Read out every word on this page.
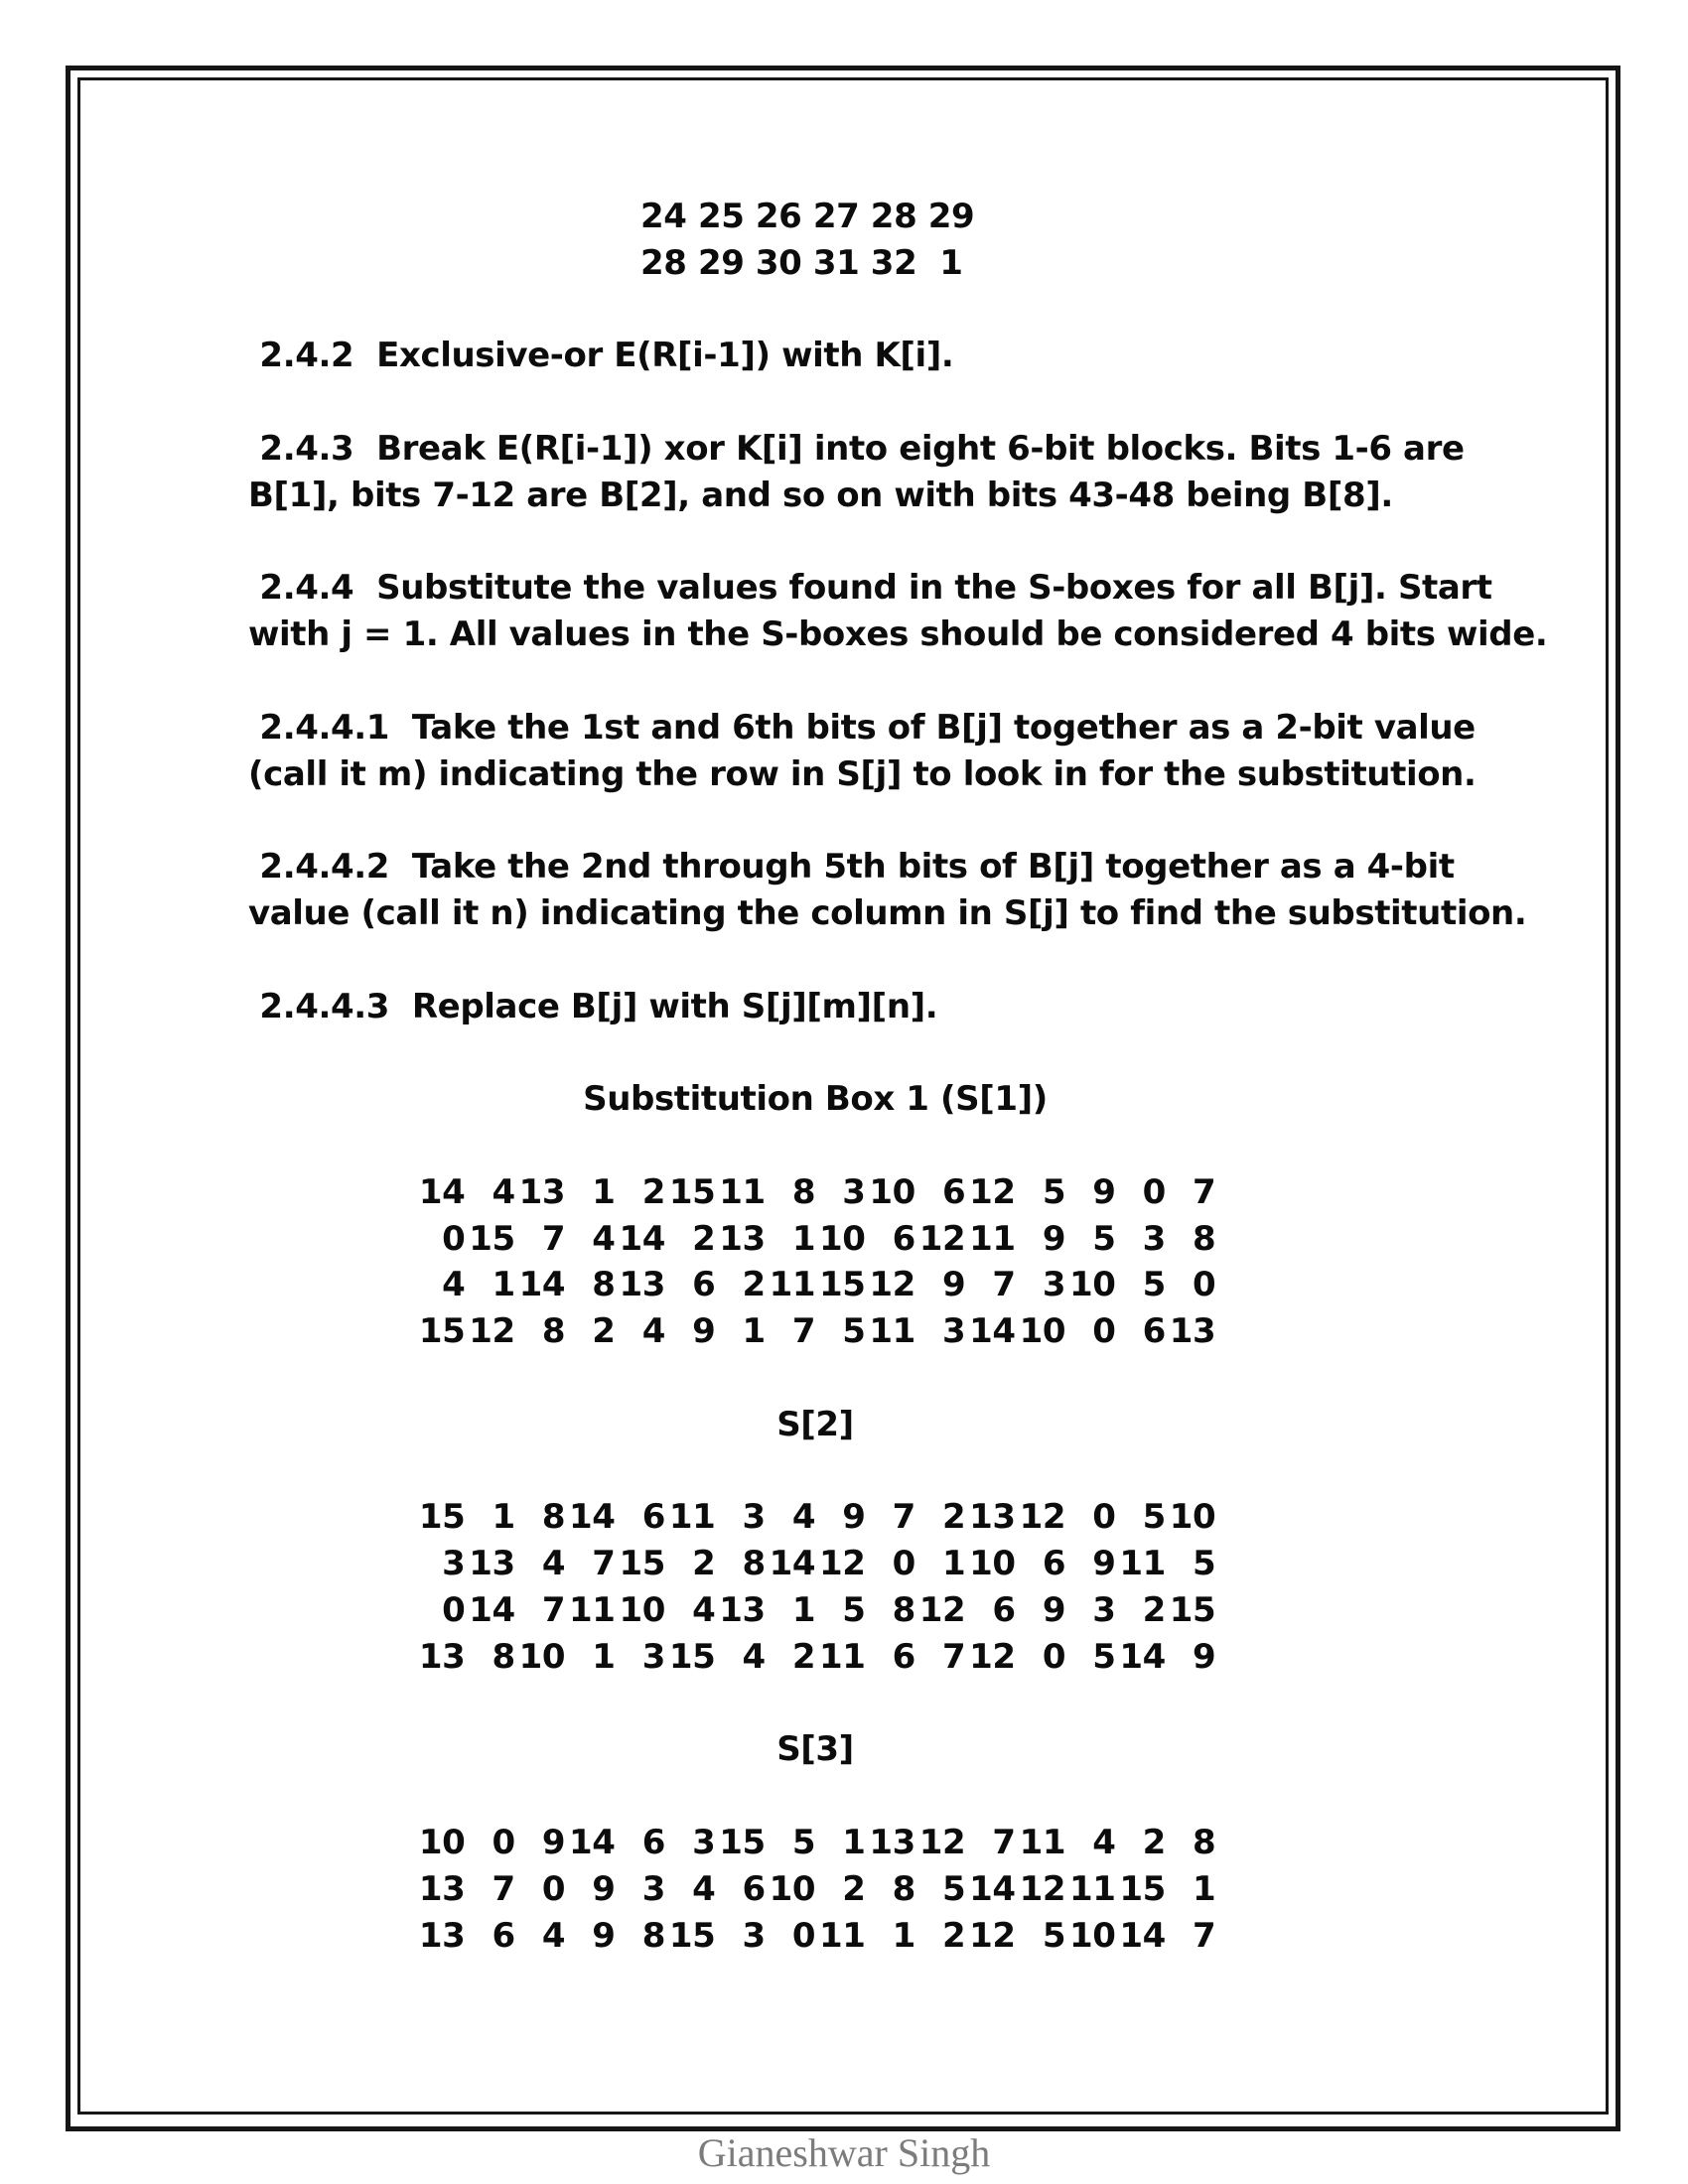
24 25 26 27 28 29
28 29 30 31 32  1
2.4.2  Exclusive-or E(R[i-1]) with K[i].
2.4.3  Break E(R[i-1]) xor K[i] into eight 6-bit blocks. Bits 1-6 are
B[1], bits 7-12 are B[2], and so on with bits 43-48 being B[8].
2.4.4  Substitute the values found in the S-boxes for all B[j]. Start
with j = 1. All values in the S-boxes should be considered 4 bits wide.
2.4.4.1  Take the 1st and 6th bits of B[j] together as a 2-bit value
(call it m) indicating the row in S[j] to look in for the substitution.
2.4.4.2  Take the 2nd through 5th bits of B[j] together as a 4-bit
value (call it n) indicating the column in S[j] to find the substitution.
2.4.4.3  Replace B[j] with S[j][m][n].
Substitution Box 1 (S[1])
S[2]
S[3]
14 4 13 1 2 15 11 8 3 10 6 12 5 9 0 7
0 15 7 4 14 2 13 1 10 6 12 11 9 5 3 8
4 1 14 8 13 6 2 11 15 12 9 7 3 10 5 0
15 12 8 2 4 9 1 7 5 11 3 14 10 0 6 13
15 1 8 14 6 11 3 4 9 7 2 13 12 0 5 10
3 13 4 7 15 2 8 14 12 0 1 10 6 9 11 5
0 14 7 11 10 4 13 1 5 8 12 6 9 3 2 15
13 8 10 1 3 15 4 2 11 6 7 12 0 5 14 9
10 0 9 14 6 3 15 5 1 13 12 7 11 4 2 8
13 7 0 9 3 4 6 10 2 8 5 14 12 11 15 1
13 6 4 9 8 15 3 0 11 1 2 12 5 10 14 7
Gianeshwar Singh
